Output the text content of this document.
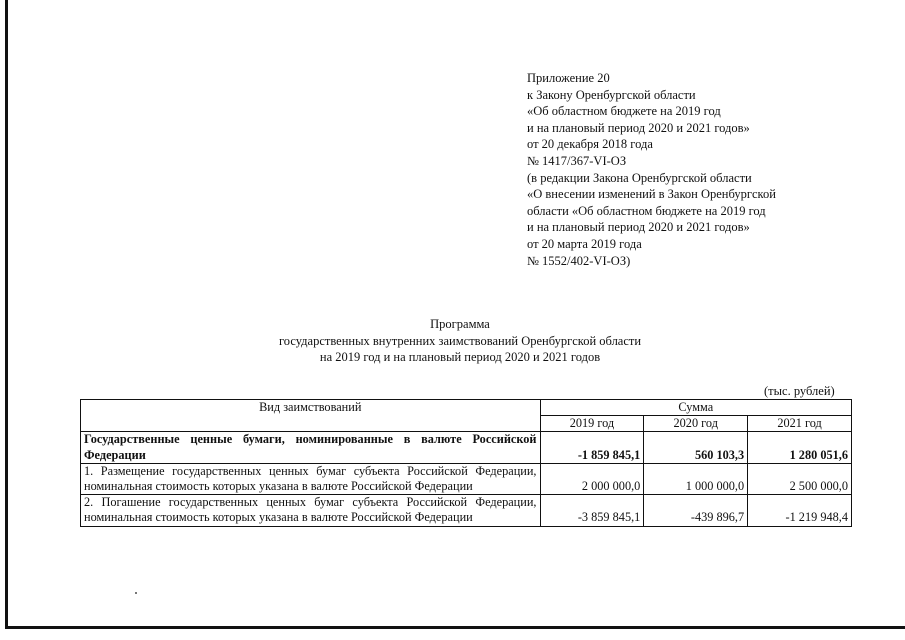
Приложение 20
к Закону Оренбургской области
«Об областном бюджете на 2019 год
и на плановый период 2020 и 2021 годов»
от 20 декабря 2018 года
№ 1417/367-VI-ОЗ
(в редакции Закона Оренбургской области
«О внесении изменений в Закон Оренбургской
области «Об областном бюджете на 2019 год
и на плановый период 2020 и 2021 годов»
от 20 марта 2019 года
№ 1552/402-VI-ОЗ)
Программа
государственных внутренних заимствований Оренбургской области
на 2019 год и на плановый период 2020 и 2021 годов
(тыс. рублей)
Вид заимствований	Сумма		
	2019 год	2020 год	2021 год
Государственные ценные бумаги, номинированные в валюте Российской Федерации	-1 859 845,1	560 103,3	1 280 051,6
1. Размещение государственных ценных бумаг субъекта Российской Федерации, номинальная стоимость которых указана в валюте Российской Федерации	2 000 000,0	1 000 000,0	2 500 000,0
2. Погашение государственных ценных бумаг субъекта Российской Федерации, номинальная стоимость которых указана в валюте Российской Федерации	-3 859 845,1	-439 896,7	-1 219 948,4
